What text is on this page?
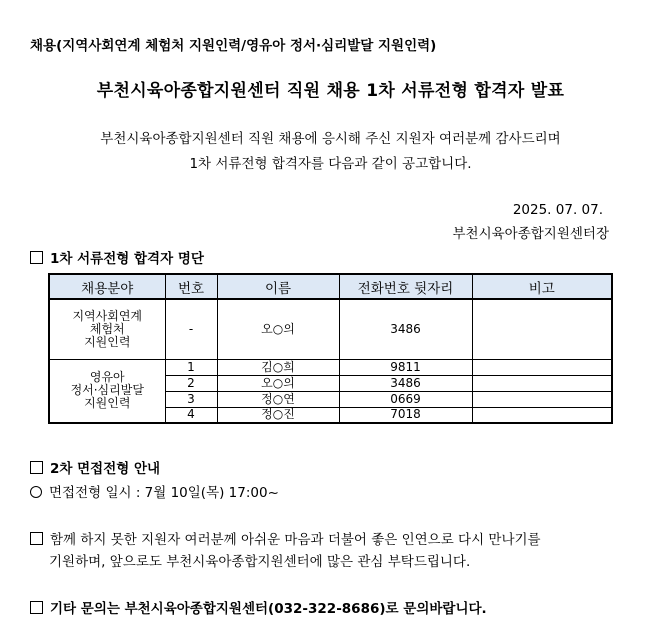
채용(지역사회연계 체험처 지원인력/영유아 정서·심리발달 지원인력)
부천시육아종합지원센터 직원 채용 1차 서류전형 합격자 발표
부천시육아종합지원센터 직원 채용에 응시해 주신 지원자 여러분께 감사드리며
1차 서류전형 합격자를 다음과 같이 공고합니다.
2025. 07. 07.
부천시육아종합지원센터장
1차 서류전형 합격자 명단
채용분야	번호	이름	전화번호 뒷자리	비고

지역사회연계
체험처
지원인력	-	오○의	3486	

영유아
정서·심리발달
지원인력	1	김○희	9811	
	2	오○의	3486	
	3	정○연	0669	
	4	정○진	7018	
2차 면접전형 안내
면접전형 일시 : 7월 10일(목) 17:00~
함께 하지 못한 지원자 여러분께 아쉬운 마음과 더불어 좋은 인연으로 다시 만나기를
기원하며, 앞으로도 부천시육아종합지원센터에 많은 관심 부탁드립니다.
기타 문의는 부천시육아종합지원센터(032-322-8686)로 문의바랍니다.
